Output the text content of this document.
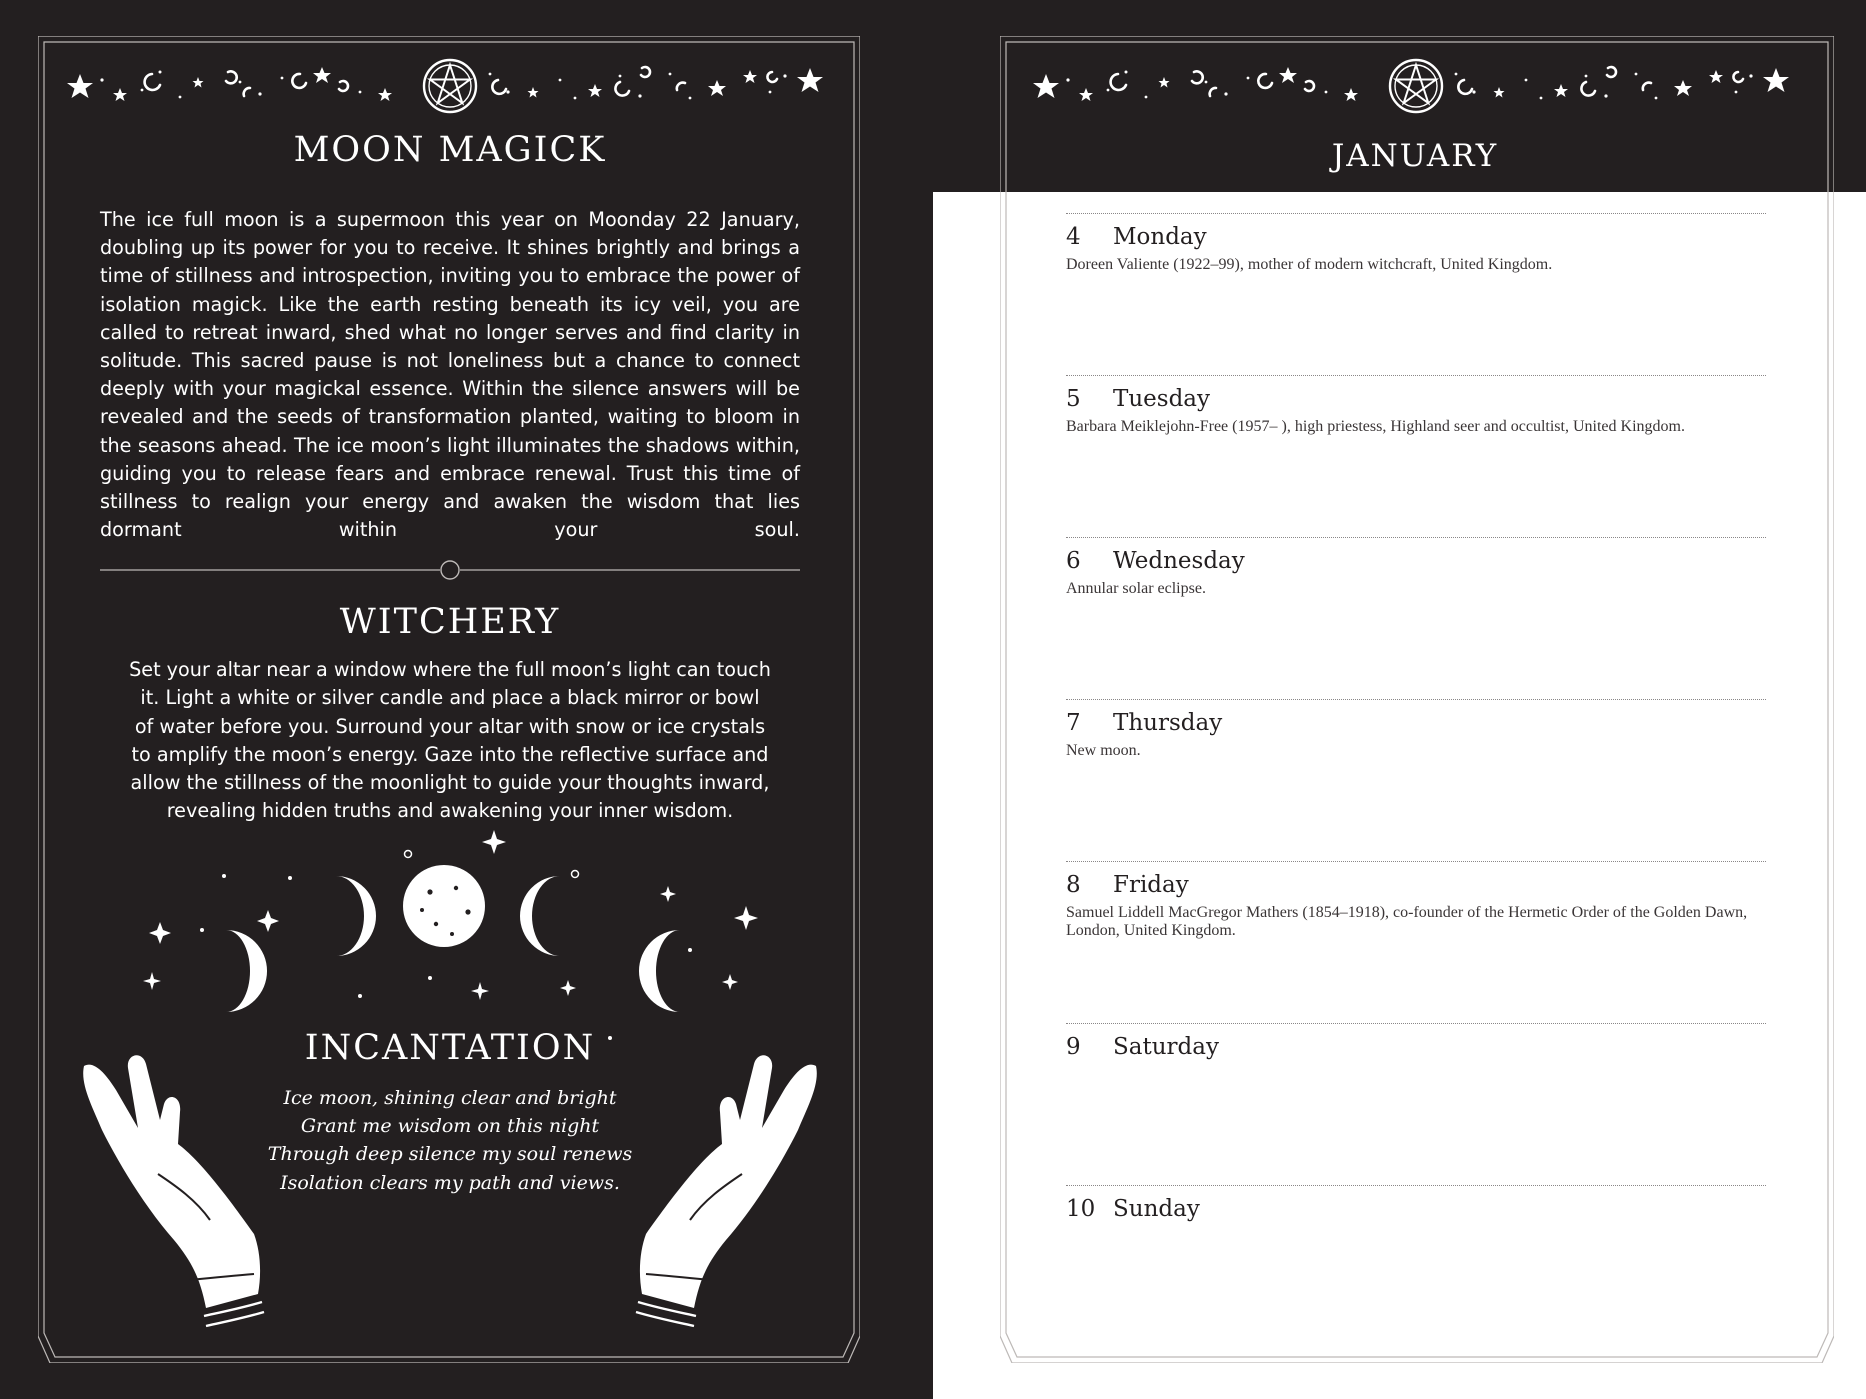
MOON MAGICK

The ice full moon is a supermoon this year on Moonday 22 January, doubling up its power for you to receive. It shines brightly and brings a time of stillness and introspection, inviting you to embrace the power of isolation magick. Like the earth resting beneath its icy veil, you are called to retreat inward, shed what no longer serves and find clarity in solitude. This sacred pause is not loneliness but a chance to connect deeply with your magickal essence. Within the silence answers will be revealed and the seeds of transformation planted, waiting to bloom in the seasons ahead. The ice moon’s light illuminates the shadows within, guiding you to release fears and embrace renewal. Trust this time of stillness to realign your energy and awaken the wisdom that lies dormant within your soul.

WITCHERY
Set your altar near a window where the full moon’s light can touch
it. Light a white or silver candle and place a black mirror or bowl
of water before you. Surround your altar with snow or ice crystals
to amplify the moon’s energy. Gaze into the reflective surface and
allow the stillness of the moonlight to guide your thoughts inward,
revealing hidden truths and awakening your inner wisdom.
INCANTATION
Ice moon, shining clear and bright
Grant me wisdom on this night
Through deep silence my soul renews
Isolation clears my path and views.
JANUARY
4 Monday
Doreen Valiente (1922–99), mother of modern witchcraft, United Kingdom.
5 Tuesday
Barbara Meiklejohn-Free (1957– ), high priestess, Highland seer and occultist, United Kingdom.
6 Wednesday
Annular solar eclipse.
7 Thursday
New moon.
8 Friday
Samuel Liddell MacGregor Mathers (1854–1918), co-founder of the Hermetic Order of the Golden Dawn, London, United Kingdom.
9 Saturday
10 Sunday
